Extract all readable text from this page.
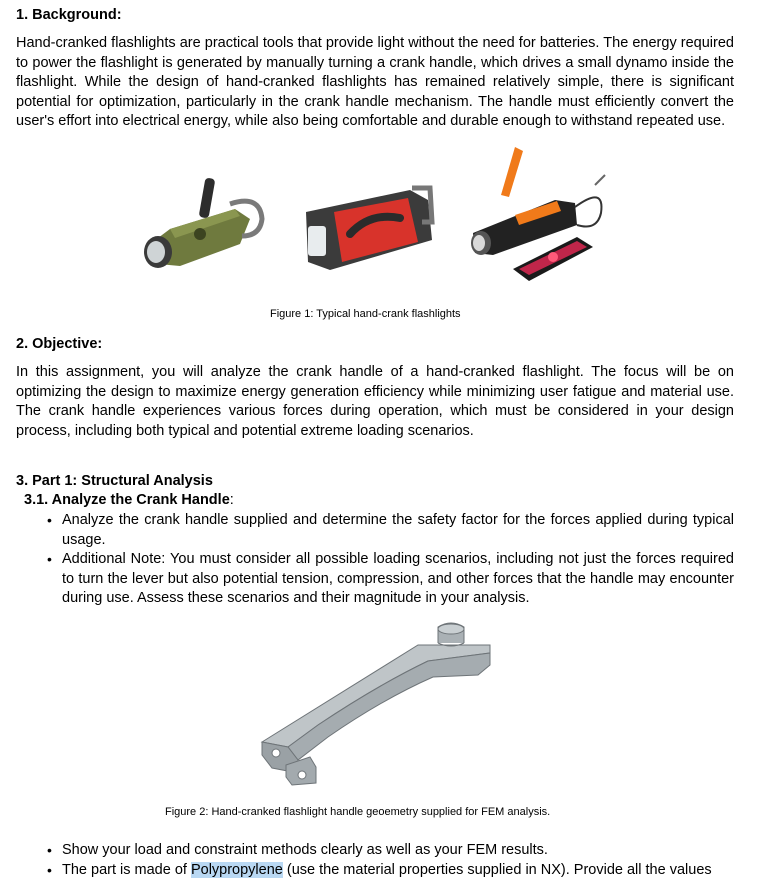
1. Background:
Hand-cranked flashlights are practical tools that provide light without the need for batteries. The energy required to power the flashlight is generated by manually turning a crank handle, which drives a small dynamo inside the flashlight. While the design of hand-cranked flashlights has remained relatively simple, there is significant potential for optimization, particularly in the crank handle mechanism. The handle must efficiently convert the user's effort into electrical energy, while also being comfortable and durable enough to withstand repeated use.
Figure 1: Typical hand-crank flashlights
2. Objective:
In this assignment, you will analyze the crank handle of a hand-cranked flashlight. The focus will be on optimizing the design to maximize energy generation efficiency while minimizing user fatigue and material use. The crank handle experiences various forces during operation, which must be considered in your design process, including both typical and potential extreme loading scenarios.
3. Part 1: Structural Analysis
3.1. Analyze the Crank Handle:
• Analyze the crank handle supplied and determine the safety factor for the forces applied during typical usage.
• Additional Note: You must consider all possible loading scenarios, including not just the forces required to turn the lever but also potential tension, compression, and other forces that the handle may encounter during use. Assess these scenarios and their magnitude in your analysis.
Figure 2: Hand-cranked flashlight handle geoemetry supplied for FEM analysis.
• Show your load and constraint methods clearly as well as your FEM results.
• The part is made of Polypropylene (use the material properties supplied in NX). Provide all the values
